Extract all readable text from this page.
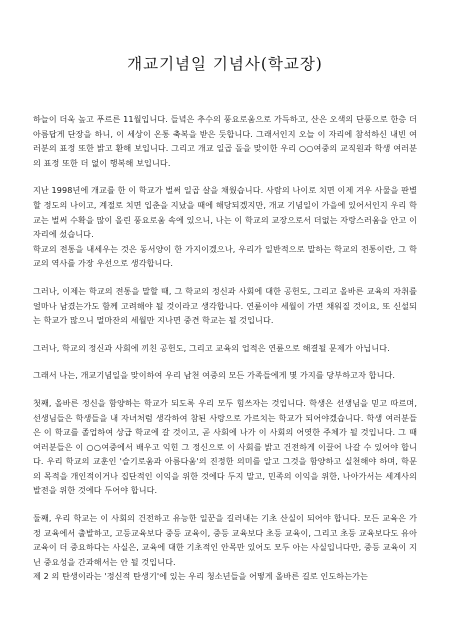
개교기념일 기념사(학교장)

하늘이 더욱 높고 푸르른 11월입니다. 들녘은 추수의 풍요로움으로 가득하고, 산은 오색의 단풍으로 한층 더 아름답게 단장을 하니, 이 세상이 온통 축복을 받은 듯합니다. 그래서인지 오늘 이 자리에 참석하신 내빈 여러분의 표정 또한 밝고 환해 보입니다. 그리고 개교 일곱 돌을 맞이한 우리 ○○여중의 교직원과 학생 여러분의 표정 또한 더 없이 행복해 보입니다.

지난 1998년에 개교를 한 이 학교가 벌써 일곱 살을 채웠습니다. 사람의 나이로 치면 이제 겨우 사물을 판별할 정도의 나이고, 계절로 치면 입춘을 지났을 때에 해당되겠지만, 개교 기념일이 가을에 있어서인지 우리 학교는 벌써 수확을 많이 올린 풍요로움 속에 있으니, 나는 이 학교의 교장으로서 더없는 자랑스러움을 안고 이 자리에 섰습니다.

학교의 전통을 내세우는 것은 동서양이 한 가지이겠으나, 우리가 일반적으로 말하는 학교의 전통이란, 그 학교의 역사를 가장 우선으로 생각합니다.

그러나, 이제는 학교의 전통을 말할 때, 그 학교의 정신과 사회에 대한 공헌도, 그리고 올바른 교육의 자취를 얼마나 남겼는가도 함께 고려해야 될 것이라고 생각합니다. 연륜이야 세월이 가면 채워질 것이요, 또 신설되는 학교가 많으니 멀마잔의 세월만 지나면 중견 학교는 될 것입니다.

그러나, 학교의 정신과 사회에 끼친 공헌도, 그리고 교육의 업적은 연륜으로 해결될 문제가 아닙니다.

그래서 나는, 개교기념일을 맞이하여 우리 남천 여중의 모든 가족들에게 몇 가지를 당부하고자 합니다.

첫째, 올바른 정신을 함양하는 학교가 되도록 우리 모두 힘쓰자는 것입니다. 학생은 선생님을 믿고 따르며, 선생님들은 학생들을 내 자녀처럼 생각하여 참된 사랑으로 가르치는 학교가 되어야겠습니다. 학생 여러분들은 이 학교를 졸업하여 상급 학교에 갈 것이고, 곧 사회에 나가 이 사회의 어엿한 주체가 될 것입니다. 그 때 여러분들은 이 ○○여중에서 배우고 익힌 그 정신으로 이 사회를 밝고 건전하게 이끌어 나갈 수 있어야 합니다. 우리 학교의 교훈인 '슬기로움과 아름다움'의 진정한 의미를 알고 그것을 함양하고 실천해야 하며, 학문의 목적을 개인적이거나 집단적인 이익을 위한 것에다 두지 말고, 민족의 이익을 위한, 나아가서는 세계사의 발전을 위한 것에다 두어야 합니다.

둘째, 우리 학교는 이 사회의 건전하고 유능한 일꾼을 길러내는 기초 산실이 되어야 합니다. 모든 교육은 가정 교육에서 출발하고, 고등교육보다 중등 교육이, 중등 교육보다 초등 교육이, 그리고 초등 교육보다도 유아 교육이 더 중요하다는 사실은, 교육에 대한 기초적인 안목만 있어도 모두 아는 사실입니다만, 중등 교육이 지닌 중요성을 간과해서는 안 될 것입니다.

제 2 의 탄생이라는 '정신적 탄생기'에 있는 우리 청소년들을 어떻게 올바른 길로 인도하는가는
